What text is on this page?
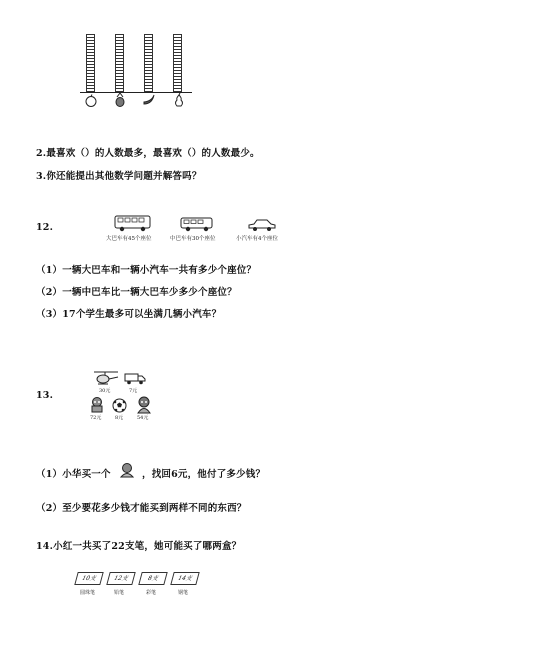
2.最喜欢（）的人数最多，最喜欢（）的人数最少。
3.你还能提出其他数学问题并解答吗？
12.
大巴车有45个座位	中巴车有30个座位	小汽车有4个座位
（1）一辆大巴车和一辆小汽车一共有多少个座位？
（2）一辆中巴车比一辆大巴车少多少个座位？
（3）17个学生最多可以坐满几辆小汽车？
13.	30元	7元
72元	8元	54元
（1）小华买一个	，找回6元，他付了多少钱？
（2）至少要花多少钱才能买到两样不同的东西？
14.小红一共买了22支笔，她可能买了哪两盒？
10支
圆珠笔
12支
铅笔
8支
彩笔
14支
钢笔
